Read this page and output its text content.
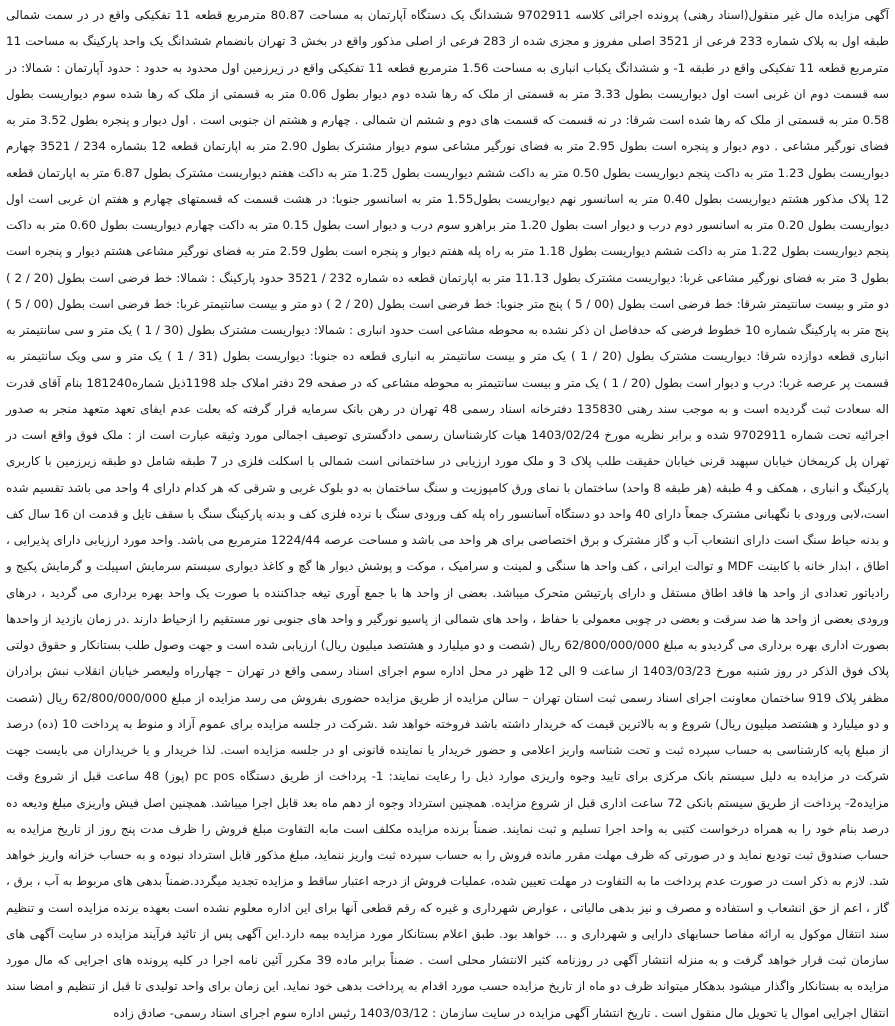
آگهی مزایده مال غیر منقول(اسناد رهنی) پرونده اجرائی کلاسه 9702911 ششدانگ یک دستگاه آپارتمان به مساحت 80.87 مترمربع قطعه 11 تفکیکی واقع در در سمت شمالی طبقه اول به پلاک شماره 233 فرعی از 3521 اصلی مفروز و مجزی شده از 283 فرعی از اصلی مذکور واقع در بخش 3 تهران بانضمام ششدانگ یک واحد پارکینگ به مساحت 11 مترمربع قطعه 11 تفکیکی واقع در طبقه 1- و ششدانگ یکباب انباری به مساحت 1.56 مترمربع قطعه 11 تفکیکی واقع در زیرزمین اول محدود به حدود : حدود آپارتمان : شمالا: در سه قسمت دوم ان غربی است اول دیواریست بطول 3.33 متر به قسمتی از ملک که رها شده دوم دیوار بطول 0.06 متر به قسمتی از ملک که رها شده سوم دیواریست بطول 0.58 متر به قسمتی از ملک که رها شده است شرقا: در نه قسمت که قسمت های دوم و ششم ان شمالی . چهارم و هشتم ان جنوبی است . اول دیوار و پنجره بطول 3.52 متر به فضای نورگیر مشاعی . دوم دیوار و پنجره است بطول 2.95 متر به فضای نورگیر مشاعی سوم دیوار مشترک بطول 2.90 متر به اپارتمان قطعه 12 بشماره 234 / 3521 چهارم دیواریست بطول 1.23 متر به داکت پنجم دیواریست بطول 0.50 متر به داکت ششم دیواریست بطول 1.25 متر به داکت هفتم دیواریست مشترک بطول 6.87 متر به اپارتمان قطعه 12 پلاک مذکور هشتم دیواریست بطول 0.40 متر به اسانسور نهم دیواریست بطول1.55 متر به اسانسور جنوبا: در هشت قسمت که قسمتهای چهارم و هفتم ان غربی است اول دیواریست بطول 0.20 متر به اسانسور دوم درب و دیوار است بطول 1.20 متر براهرو سوم درب و دیوار است بطول 0.15 متر به داکت چهارم دیواریست بطول 0.60 متر به داکت پنجم دیواریست بطول 1.22 متر به داکت ششم دیواریست بطول 1.18 متر به راه پله هفتم دیوار و پنجره است بطول 2.59 متر به فضای نورگیر مشاعی هشتم دیوار و پنجره است بطول 3 متر به فضای نورگیر مشاعی غربا: دیواریست مشترک بطول 11.13 متر به اپارتمان قطعه ده شماره 232 / 3521 حدود پارکینگ : شمالا: خط فرضی است بطول (20 / 2 ) دو متر و بیست سانتیمتر شرقا: خط فرضی است بطول (00 / 5 ) پنج متر جنوبا: خط فرضی است بطول (20 / 2 ) دو متر و بیست سانتیمتر غربا: خط فرضی است بطول (00 / 5 ) پنج متر به پارکینگ شماره 10 خطوط فرضی که حدفاصل ان ذکر نشده به محوطه مشاعی است حدود انباری : شمالا: دیواریست مشترک بطول (30 / 1 ) یک متر و سی سانتیمتر به انباری قطعه دوازده شرقا: دیواریست مشترک بطول (20 / 1 ) یک متر و بیست سانتیمتر به انباری قطعه ده جنوبا: دیواریست بطول (31 / 1 ) یک متر و سی ویک سانتیمتر به قسمت پر عرصه غربا: درب و دیوار است بطول (20 / 1 ) یک متر و بیست سانتیمتر به محوطه مشاعی که در صفحه 29 دفتر املاک جلد 1198ذیل شماره181240 بنام آقای قدرت اله سعادت ثبت گردیده است و به موجب سند رهنی 135830 دفترخانه اسناد رسمی 48 تهران در رهن بانک سرمایه قرار گرفته که بعلت عدم ایفای تعهد متعهد منجر به صدور اجرائیه تحت شماره 9702911 شده و برابر نظریه مورخ 1403/02/24 هیات کارشناسان رسمی دادگستری توصیف اجمالی مورد وثیقه عبارت است از : ملک فوق واقع است در تهران پل کریمخان خیابان سپهبد قرنی خیابان حقیقت طلب پلاک 3 و ملک مورد ارزیابی در ساختمانی است شمالی با اسکلت فلزی در 7 طبقه شامل دو طبقه زیرزمین با کاربری پارکینگ و انباری ، همکف و 4 طبقه (هر طبقه 8 واحد) ساختمان با نمای ورق کامپوزیت و سنگ ساختمان به دو بلوک غربی و شرقی که هر کدام دارای 4 واحد می باشد تقسیم شده است،لابی ورودی با نگهبانی مشترک جمعاً دارای 40 واحد دو دستگاه آسانسور راه پله کف ورودی سنگ با نرده فلزی کف و بدنه پارکینگ سنگ با سقف تایل و قدمت ان 16 سال کف و بدنه حیاط سنگ است دارای انشعاب آب و گاز مشترک و برق اختصاصی برای هر واحد می باشد و مساحت عرصه 1224/44 مترمربع می باشد. واحد مورد ارزیابی دارای پذیرایی ، اطاق ، ابدار خانه با کابینت MDF و توالت ایرانی ، کف واحد ها سنگی و لمینت و سرامیک ، موکت و پوشش دیوار ها گچ و کاغذ دیواری سیستم سرمایش اسپیلت و گرمایش پکیج و رادیاتور تعدادی از واحد ها فاقد اطاق مستقل و دارای پارتیشن متحرک میباشد. بعضی از واحد ها با جمع آوری تیغه جداکننده با صورت یک واحد بهره برداری می گردید ، درهای ورودی بعضی از واحد ها ضد سرقت و بعضی در چوبی معمولی با حفاظ ، واحد های شمالی از پاسیو نورگیر و واحد های جنوبی نور مستقیم را ازحیاط دارند .در زمان بازدید از واحدها بصورت اداری بهره برداری می گردیدو به مبلغ 62/800/000/000 ریال (شصت و دو میلیارد و هشتصد میلیون ریال) ارزیابی شده است و جهت وصول طلب بستانکار و حقوق دولتی پلاک فوق الذکر در روز شنبه مورخ 1403/03/23 از ساعت 9 الی 12 ظهر در محل اداره سوم اجرای اسناد رسمی واقع در تهران – چهارراه ولیعصر خیابان انقلاب نبش برادران مظفر پلاک 919 ساختمان معاونت اجرای اسناد رسمی ثبت استان تهران – سالن مزایده از طریق مزایده حضوری بفروش می رسد مزایده از مبلغ 62/800/000/000 ریال (شصت و دو میلیارد و هشتصد میلیون ریال) شروع و به بالاترین قیمت که خریدار داشته باشد فروخته خواهد شد .شرکت در جلسه مزایده برای عموم آزاد و منوط به پرداخت 10 (ده) درصد از مبلغ پایه کارشناسی به حساب سپرده ثبت و تحت شناسه واریز اعلامی و حضور خریدار یا نماینده قانونی او در جلسه مزایده است. لذا خریدار و یا خریداران می بایست جهت شرکت در مزایده به دلیل سیستم بانک مرکزی برای تایید وجوه واریزی موارد ذیل را رعایت نمایند: 1- پرداخت از طریق دستگاه pc pos (پوز) 48 ساعت قبل از شروع وقت مزایده2- پرداخت از طریق سیستم بانکی 72 ساعت اداری قبل از شروع مزایده. همچنین استرداد وجوه از دهم ماه بعد قابل اجرا میباشد. همچنین اصل فیش واریزی مبلغ ودیعه ده درصد بنام خود را به همراه درخواست کتبی به واحد اجرا تسلیم و ثبت نمایند. ضمناً برنده مزایده مکلف است مابه التفاوت مبلغ فروش را ظرف مدت پنج روز از تاریخ مزایده به حساب صندوق ثبت تودیع نماید و در صورتی که ظرف مهلت مقرر مانده فروش را به حساب سپرده ثبت واریز ننماید، مبلغ مذکور قابل استرداد نبوده و به حساب خزانه واریز خواهد شد. لازم به ذکر است در صورت عدم پرداخت ما به التفاوت در مهلت تعیین شده، عملیات فروش از درجه اعتبار ساقط و مزایده تجدید میگردد.ضمناً بدهی های مربوط به آب ، برق ، گاز ، اعم از حق انشعاب و استفاده و مصرف و نیز بدهی مالیاتی ، عوارض شهرداری و غیره که رقم قطعی آنها برای این اداره معلوم نشده است بعهده برنده مزایده است و تنظیم سند انتقال موکول به ارائه مفاصا حسابهای دارایی و شهرداری و ... خواهد بود. طبق اعلام بستانکار مورد مزایده بیمه دارد.این آگهی پس از تائید فرآیند مزایده در سایت آگهی های سازمان ثبت قرار خواهد گرفت و به منزله انتشار آگهی در روزنامه کثیر الانتشار محلی است . ضمناً برابر ماده 39 مکرر آئین نامه اجرا در کلیه پرونده های اجرایی که مال مورد مزایده به بستانکار واگذار میشود بدهکار میتواند ظرف دو ماه از تاریخ مزایده حسب مورد اقدام به پرداخت بدهی خود نماید. این زمان برای واحد تولیدی تا قبل از تنظیم و امضا سند انتقال اجرایی اموال یا تحویل مال منقول است . تاریخ انتشار آگهی مزایده در سایت سازمان : 1403/03/12 رئیس اداره سوم اجرای اسناد رسمی- صادق زاده
